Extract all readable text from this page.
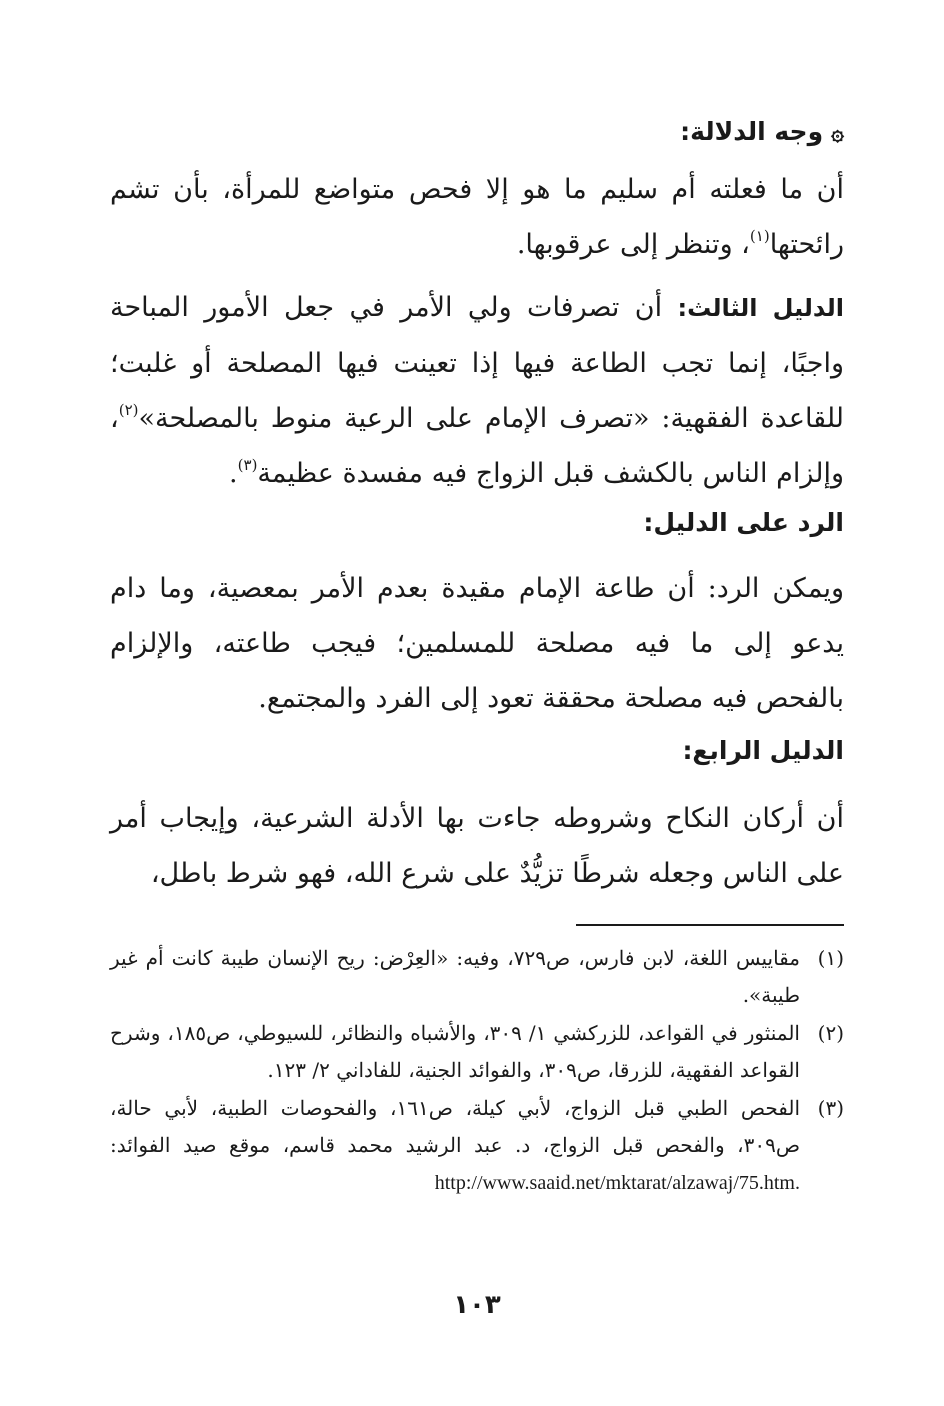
۞وجه الدلالة:
أن ما فعلته أم سليم ما هو إلا فحص متواضع للمرأة، بأن تشم رائحتها$^{(١)}$، وتنظر إلى عرقوبها.
الدليل الثالث: أن تصرفات ولي الأمر في جعل الأمور المباحة واجبًا، إنما تجب الطاعة فيها إذا تعينت فيها المصلحة أو غلبت؛ للقاعدة الفقهية: «تصرف الإمام على الرعية منوط بالمصلحة»$^{(٢)}$، وإلزام الناس بالكشف قبل الزواج فيه مفسدة عظيمة$^{(٣)}$.
الرد على الدليل:
ويمكن الرد: أن طاعة الإمام مقيدة بعدم الأمر بمعصية، وما دام يدعو إلى ما فيه مصلحة للمسلمين؛ فيجب طاعته، والإلزام بالفحص فيه مصلحة محققة تعود إلى الفرد والمجتمع.
الدليل الرابع:
أن أركان النكاح وشروطه جاءت بها الأدلة الشرعية، وإيجاب أمر على الناس وجعله شرطًا تزيُّدٌ على شرع الله، فهو شرط باطل،
(١)
مقاييس اللغة، لابن فارس، ص٧٢٩، وفيه: «العِرْض: ريح الإنسان طيبة كانت أم غير طيبة».
(٢)
المنثور في القواعد، للزركشي ١/ ٣٠٩، والأشباه والنظائر، للسيوطي، ص١٨٥، وشرح القواعد الفقهية، للزرقا، ص٣٠٩، والفوائد الجنية، للفاداني ٢/ ١٢٣.
(٣)
الفحص الطبي قبل الزواج، لأبي كيلة، ص١٦١، والفحوصات الطبية، لأبي حالة، ص٣٠٩، والفحص قبل الزواج، د. عبد الرشيد محمد قاسم، موقع صيد الفوائد: http://www.saaid.net/mktarat/alzawaj/75.htm.
١٠٣
